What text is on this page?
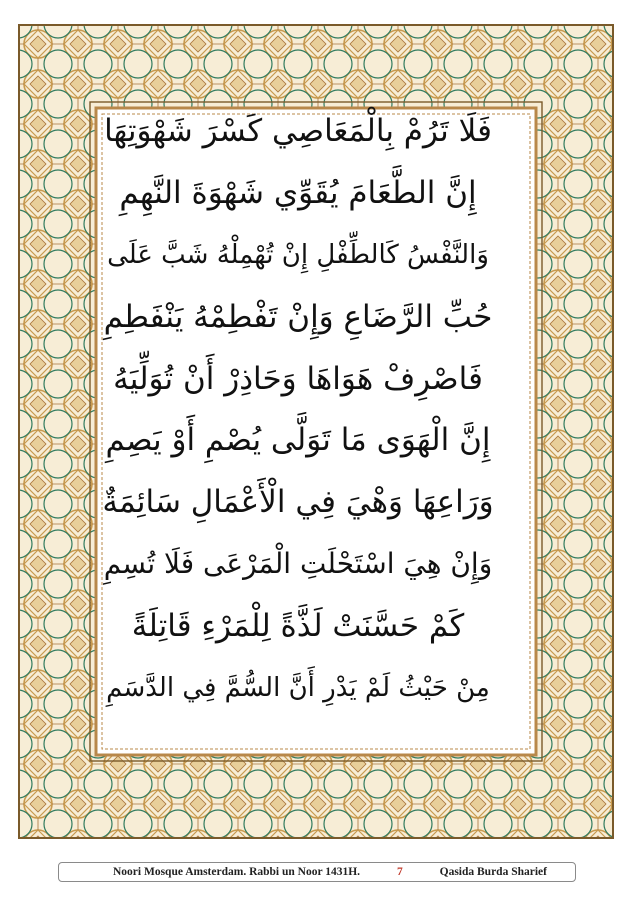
فَلَا تَرُمْ بِالْمَعَاصِي كَسْرَ شَهْوَتِهَا
إِنَّ الطَّعَامَ يُقَوِّي شَهْوَةَ النَّهِمِ
وَالنَّفْسُ كَالطِّفْلِ إِنْ تُهْمِلْهُ شَبَّ عَلَى
حُبِّ الرَّضَاعِ وَإِنْ تَفْطِمْهُ يَنْفَطِمِ
فَاصْرِفْ هَوَاهَا وَحَاذِرْ أَنْ تُوَلِّيَهُ
إِنَّ الْهَوَى مَا تَوَلَّى يُصْمِ أَوْ يَصِمِ
وَرَاعِهَا وَهْيَ فِي الْأَعْمَالِ سَائِمَةٌ
وَإِنْ هِيَ اسْتَحْلَتِ الْمَرْعَى فَلَا تُسِمِ
كَمْ حَسَّنَتْ لَذَّةً لِلْمَرْءِ قَاتِلَةً
مِنْ حَيْثُ لَمْ يَدْرِ أَنَّ السُّمَّ فِي الدَّسَمِ
Noori Mosque Amsterdam. Rabbi un Noor 1431H.	7	Qasida Burda Sharief
